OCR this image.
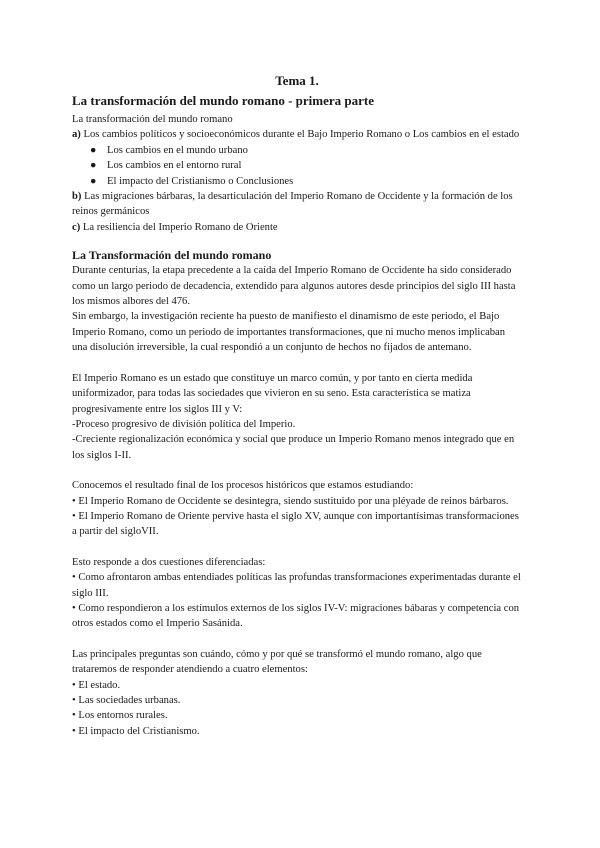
Tema 1.
La transformación del mundo romano - primera parte

La transformación del mundo romano

a) Los cambios políticos y socioeconómicos durante el Bajo Imperio Romano o Los cambios en el estado

● Los cambios en el mundo urbano
● Los cambios en el entorno rural
● El impacto del Cristianismo o Conclusiones

b) Las migraciones bárbaras, la desarticulación del Imperio Romano de Occidente y la formación de los reinos germánicos

c) La resiliencia del Imperio Romano de Oriente

La Transformación del mundo romano

Durante centurias, la etapa precedente a la caída del Imperio Romano de Occidente ha sido considerado como un largo periodo de decadencia, extendido para algunos autores desde principios del siglo III hasta los mismos albores del 476.

Sin embargo, la investigación reciente ha puesto de manifiesto el dinamismo de este periodo, el Bajo Imperio Romano, como un periodo de importantes transformaciones, que ni mucho menos implicaban una disolución irreversible, la cual respondió a un conjunto de hechos no fijados de antemano.

El Imperio Romano es un estado que constituye un marco común, y por tanto en cierta medida uniformizador, para todas las sociedades que vivieron en su seno. Esta característica se matiza progresivamente entre los siglos III y V:

-Proceso progresivo de división política del Imperio.

-Creciente regionalización económica y social que produce un Imperio Romano menos integrado que en los siglos I-II.

Conocemos el resultado final de los procesos históricos que estamos estudiando:

• El Imperio Romano de Occidente se desintegra, siendo sustituido por una pléyade de reinos bárbaros.

• El Imperio Romano de Oriente pervive hasta el siglo XV, aunque con importantísimas transformaciones a partir del sigloVII.

Esto responde a dos cuestiones diferenciadas:

• Como afrontaron ambas entendiades políticas las profundas transformaciones experimentadas durante el siglo III.

• Como respondieron a los estímulos externos de los siglos IV-V: migraciones bábaras y competencia con otros estados como el Imperio Sasánida.

Las principales preguntas son cuándo, cómo y por qué se transformó el mundo romano, algo que trataremos de responder atendiendo a cuatro elementos:

• El estado.

• Las sociedades urbanas.

• Los entornos rurales.

• El impacto del Cristianismo.
